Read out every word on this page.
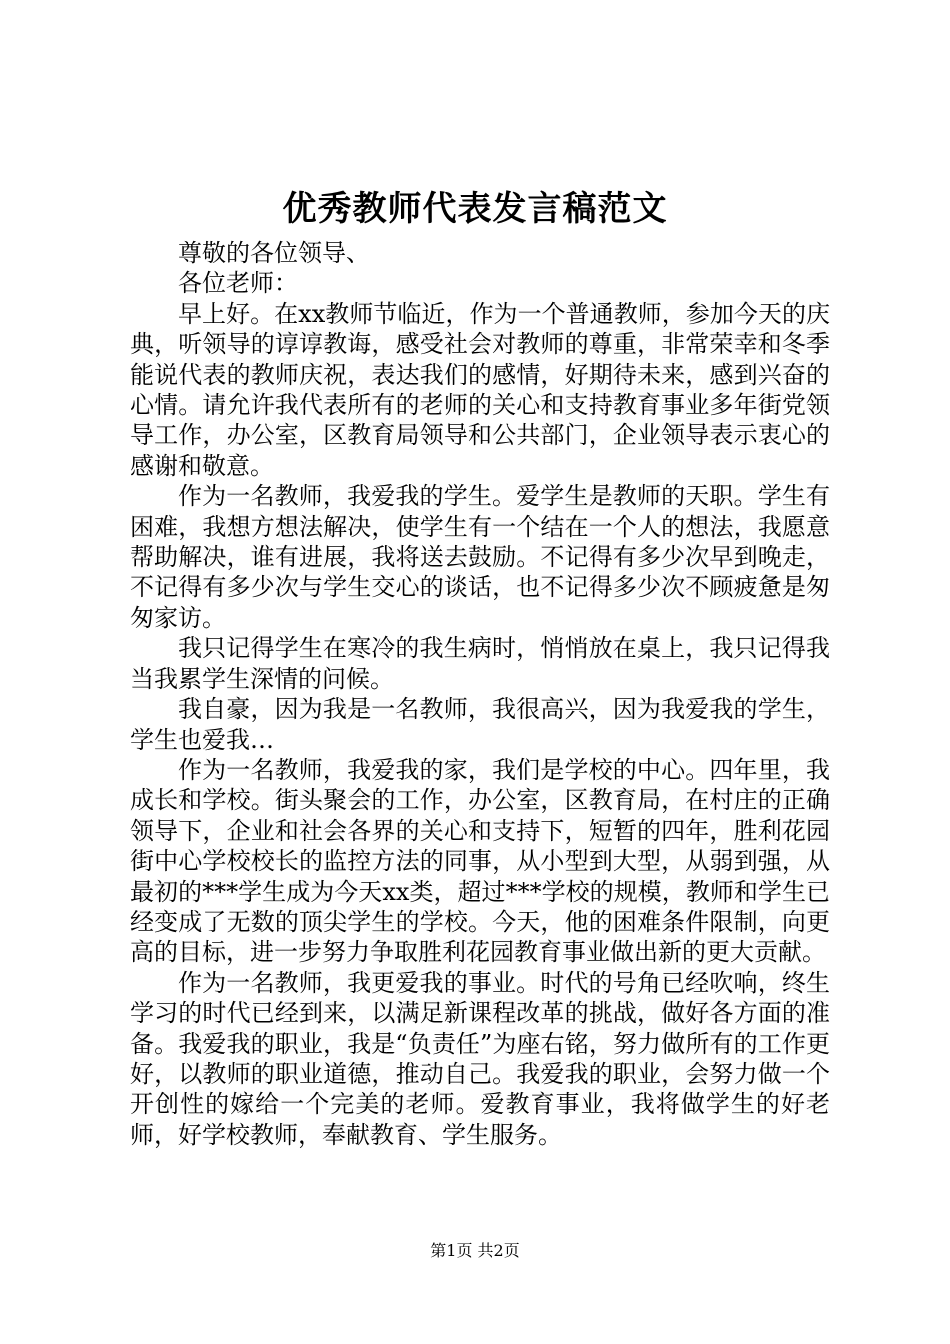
优秀教师代表发言稿范文

尊敬的各位领导、

各位老师：

早上好。在xx教师节临近，作为一个普通教师，参加今天的庆典，听领导的谆谆教诲，感受社会对教师的尊重，非常荣幸和冬季能说代表的教师庆祝，表达我们的感情，好期待未来，感到兴奋的心情。请允许我代表所有的老师的关心和支持教育事业多年街党领导工作，办公室，区教育局领导和公共部门，企业领导表示衷心的感谢和敬意。

作为一名教师，我爱我的学生。爱学生是教师的天职。学生有困难，我想方想法解决，使学生有一个结在一个人的想法，我愿意帮助解决，谁有进展，我将送去鼓励。不记得有多少次早到晚走，不记得有多少次与学生交心的谈话，也不记得多少次不顾疲惫是匆匆家访。

我只记得学生在寒冷的我生病时，悄悄放在桌上，我只记得我当我累学生深情的问候。

我自豪，因为我是一名教师，我很高兴，因为我爱我的学生，学生也爱我…

作为一名教师，我爱我的家，我们是学校的中心。四年里，我成长和学校。街头聚会的工作，办公室，区教育局，在村庄的正确领导下，企业和社会各界的关心和支持下，短暂的四年，胜利花园街中心学校校长的监控方法的同事，从小型到大型，从弱到强，从最初的***学生成为今天xx类，超过***学校的规模，教师和学生已经变成了无数的顶尖学生的学校。今天，他的困难条件限制，向更高的目标，进一步努力争取胜利花园教育事业做出新的更大贡献。

作为一名教师，我更爱我的事业。时代的号角已经吹响，终生学习的时代已经到来，以满足新课程改革的挑战，做好各方面的准备。我爱我的职业，我是“负责任”为座右铭，努力做所有的工作更好，以教师的职业道德，推动自己。我爱我的职业，会努力做一个开创性的嫁给一个完美的老师。爱教育事业，我将做学生的好老师，好学校教师，奉献教育、学生服务。

第1页 共2页
